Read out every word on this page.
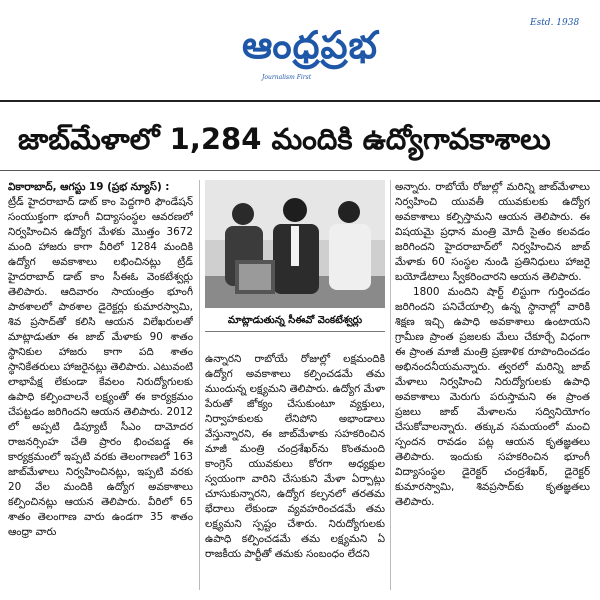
ఆంధ్రప్రభ	Estd. 1938
Journalism First
జాబ్‌మేళాలో 1,284 మందికి ఉద్యోగావకాశాలు

వికారాబాద్, ఆగస్టు 19 (ప్రభ న్యూస్) :

ట్రీడ్ హైదరాబాద్ డాట్ కాం పెద్దగారి ఫౌండేషన్ సంయుక్తంగా భూంగీ విద్యాసంస్థల ఆవరణలో నిర్వహించిన ఉద్యోగ మేళకు మొత్తం 3672 మంది హాజరు కాగా వీరిలో 1284 మందికి ఉద్యోగ అవకాశాలు లభించినట్లు ట్రీడ్ హైదరాబాద్ డాట్ కాం సీఈఓ వెంకటేశ్వర్లు తెలిపారు. ఆదివారం సాయంత్రం భూంగీ పాఠశాలలో పాఠశాల డైరెక్టర్లు కుమారస్వామి, శివ ప్రసాద్‌తో కలిసి ఆయన విలేఖరులతో మాట్లాడుతూ ఈ జాబ్ మేళాకు 90 శాతం స్థానికుల హాజరు కాగా పది శాతం స్థానికేతరులు హాజరైనట్లు తెలిపారు. ఎటువంటి లాభాపేక్ష లేకుండా కేవలం నిరుద్యోగులకు ఉపాధి కల్పించాలనే లక్ష్యంతో ఈ కార్యక్రమం చేపట్టడం జరిగిందని ఆయన తెలిపారు. 2012 లో అప్పటి డిప్యూటీ సీఎం దామోదర రాజనర్సింహ చేతి ప్రారం భించబడ్డ ఈ కార్యక్రమంలో ఇప్పటి వరకు తెలంగాణలో 163 జాబ్‌మేళాలు నిర్వహించినట్లు, ఇప్పటి వరకు 20 వేల మందికి ఉద్యోగ అవకాశాలు కల్పించినట్లు ఆయన తెలిపారు. వీరిలో 65 శాతం తెలంగాణ వారు ఉండగా 35 శాతం ఆంధ్రా వారు

మాట్లాడుతున్న సీఈవో వెంకటేశ్వర్లు

ఉన్నారని రాబోయే రోజుల్లో లక్షమందికి ఉద్యోగ అవకాశాలు కల్పించడమే తమ ముందున్న లక్ష్యమని తెలిపారు. ఉద్యోగ మేళా పేరుతో జోక్యం చేసుకుంటూ వ్యక్తులు, నిర్వాహకులకు లేనిపోని అభాండాలు వేస్తున్నారని, ఈ జాబ్‌మేళాకు సహకరించిన మాజీ మంత్రి చంద్రశేఖర్‌ను కొంతమంది కాంగ్రెస్ యువకులు కోరగా అధ్యక్షుల స్వయంగా వారిని చేసుకుని మేళా ఏర్పాట్లు చూసుకున్నారని, ఉద్యోగ కల్పనలో తరతమ భేదాలు లేకుండా వ్యవహరించడమే తమ లక్ష్యమని స్పష్టం చేశారు. నిరుద్యోగులకు ఉపాధి కల్పించడమే తమ లక్ష్యమని ఏ రాజకీయ పార్టీతో తమకు సంబంధం లేదని

అన్నారు. రాబోయే రోజుల్లో మరిన్ని జాబ్‌మేళాలు నిర్వహించి యువతీ యువకులకు ఉద్యోగ అవకాశాలు కల్పిస్తామని ఆయన తెలిపారు. ఈ విషయమై ప్రధాన మంత్రి మోదీ సైతం కలవడం జరిగిందని హైదరాబాద్‌లో నిర్వహించిన జాబ్ మేళాకు 60 సంస్థల నుండి ప్రతినిధులు హాజరై బయోడేటాలు స్వీకరించారని ఆయన తెలిపారు.

1800 మందిని షార్ట్ లిస్టుగా గుర్తించడం జరిగిందని పనిచేయాల్సి ఉన్న స్థానాల్లో వారికి శిక్షణ ఇచ్చి ఉపాధి అవకాశాలు ఉంటాయని గ్రామీణ ప్రాంత ప్రజలకు మేలు చేకూర్చే విధంగా ఈ ప్రాంత మాజీ మంత్రి ప్రణాళిక రూపొందించడం అభినందనీయమన్నారు. త్వరలో మరిన్ని జాబ్ మేళాలు నిర్వహించి నిరుద్యోగులకు ఉపాధి అవకాశాలు మెరుగు పరుస్తామని ఈ ప్రాంత ప్రజలు జాబ్ మేళాలను సద్వినియోగం చేసుకోవాలన్నారు. తక్కువ సమయంలో మంచి స్పందన రావడం పట్ల ఆయన కృతజ్ఞతలు తెలిపారు. ఇందుకు సహకరించిన భూంగీ విద్యాసంస్థల డైరెక్టర్ చంద్రశేఖర్, డైరెక్టర్ కుమారస్వామి, శివప్రసాద్‌కు కృతజ్ఞతలు తెలిపారు.
